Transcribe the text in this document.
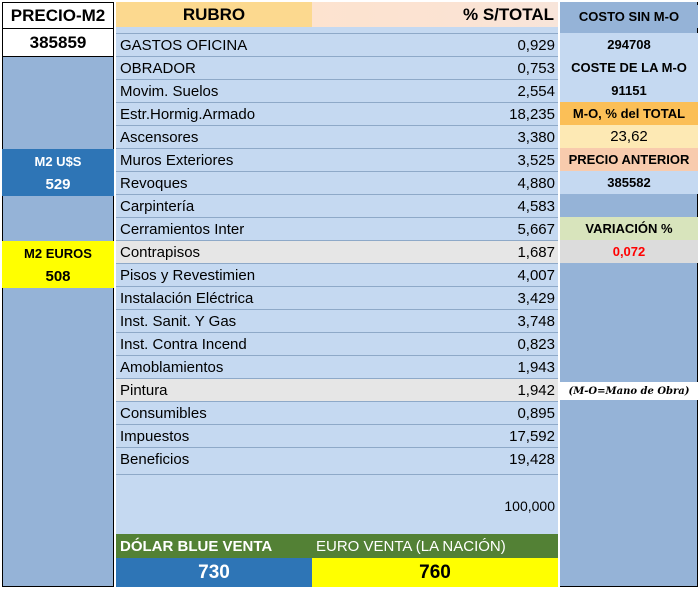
PRECIO-M2
385859
M2 U$S
529
M2 EUROS
508
RUBRO	% S/TOTAL
GASTOS OFICINA	0,929
OBRADOR	0,753
Movim. Suelos	2,554
Estr.Hormig.Armado	18,235
Ascensores	3,380
Muros Exteriores	3,525
Revoques	4,880
Carpintería	4,583
Cerramientos Inter	5,667
Contrapisos	1,687
Pisos y Revestimien	4,007
Instalación Eléctrica	3,429
Inst. Sanit. Y Gas	3,748
Inst. Contra Incend	0,823
Amoblamientos	1,943
Pintura	1,942
Consumibles	0,895
Impuestos	17,592
Beneficios	19,428
100,000
DÓLAR BLUE VENTA	EURO VENTA (LA NACIÓN)
730	760
COSTO SIN M-O
294708
COSTE DE LA M-O
91151
M-O, % del TOTAL
23,62
PRECIO ANTERIOR
385582
VARIACIÓN %
0,072
(M-O=Mano de Obra)
